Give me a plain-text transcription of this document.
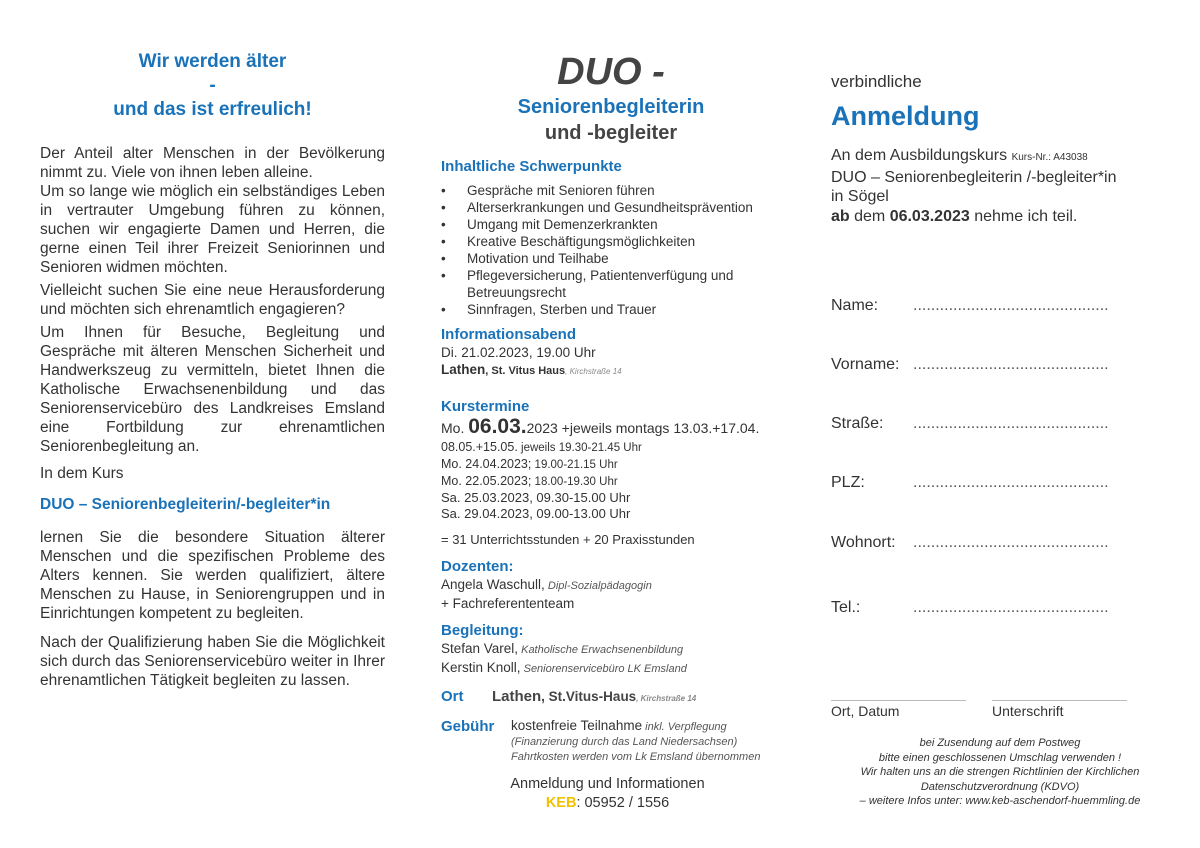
Wir werden älter
-
und das ist erfreulich!

Der Anteil alter Menschen in der Bevölkerung nimmt zu. Viele von ihnen leben alleine.

Um so lange wie möglich ein selbständiges Leben in vertrauter Umgebung führen zu können, suchen wir engagierte Damen und Herren, die gerne einen Teil ihrer Freizeit Seniorinnen und Senioren widmen möchten.

Vielleicht suchen Sie eine neue Herausforderung und möchten sich ehrenamtlich engagieren?

Um Ihnen für Besuche, Begleitung und Gespräche mit älteren Menschen Sicherheit und Handwerkszeug zu vermitteln, bietet Ihnen die Katholische Erwachsenenbildung und das Seniorenservicebüro des Landkreises Emsland eine Fortbildung zur ehrenamtlichen Seniorenbegleitung an.

In dem Kurs

DUO – Seniorenbegleiterin/-begleiter*in

lernen Sie die besondere Situation älterer Menschen und die spezifischen Probleme des Alters kennen. Sie werden qualifiziert, ältere Menschen zu Hause, in Seniorengruppen und in Einrichtungen kompetent zu begleiten.

Nach der Qualifizierung haben Sie die Möglichkeit sich durch das Seniorenservicebüro weiter in Ihrer ehrenamtlichen Tätigkeit begleiten zu lassen.

DUO -
Seniorenbegleiterin
und -begleiter
Inhaltliche Schwerpunkte
• Gespräche mit Senioren führen
• Alterserkrankungen und Gesundheitsprävention
• Umgang mit Demenzerkrankten
• Kreative Beschäftigungsmöglichkeiten
• Motivation und Teilhabe
• Pflegeversicherung, Patientenverfügung und Betreuungsrecht
• Sinnfragen, Sterben und Trauer
Informationsabend
Di. 21.02.2023, 19.00 Uhr
Lathen, St. Vitus Haus, Kirchstraße 14
Kurstermine
Mo. 06.03.2023 +jeweils montags 13.03.+17.04.
08.05.+15.05. jeweils 19.30-21.45 Uhr
Mo. 24.04.2023; 19.00-21.15 Uhr
Mo. 22.05.2023; 18.00-19.30 Uhr
Sa. 25.03.2023, 09.30-15.00 Uhr
Sa. 29.04.2023, 09.00-13.00 Uhr
= 31 Unterrichtsstunden + 20 Praxisstunden
Dozenten:
Angela Waschull, Dipl-Sozialpädagogin
+ Fachreferententeam
Begleitung:
Stefan Varel, Katholische Erwachsenenbildung
Kerstin Knoll, Seniorenservicebüro LK Emsland
Ort Lathen, St.Vitus-Haus, Kirchstraße 14
Gebühr kostenfreie Teilnahme inkl. Verpflegung
(Finanzierung durch das Land Niedersachsen)
Fahrtkosten werden vom Lk Emsland übernommen
Anmeldung und Informationen
KEB: 05952 / 1556
verbindliche
Anmeldung
An dem Ausbildungskurs Kurs-Nr.: A43038
DUO – Seniorenbegleiterin /-begleiter*in
in Sögel
ab dem 06.03.2023 nehme ich teil.
Name: ............................................
Vorname: ............................................
Straße: ............................................
PLZ:	............................................
Wohnort: ............................................
Tel.:	............................................
Ort, Datum	Unterschrift
bei Zusendung auf dem Postweg
bitte einen geschlossenen Umschlag verwenden !
Wir halten uns an die strengen Richtlinien der Kirchlichen
Datenschutzverordnung (KDVO)
– weitere Infos unter: www.keb-aschendorf-huemmling.de
